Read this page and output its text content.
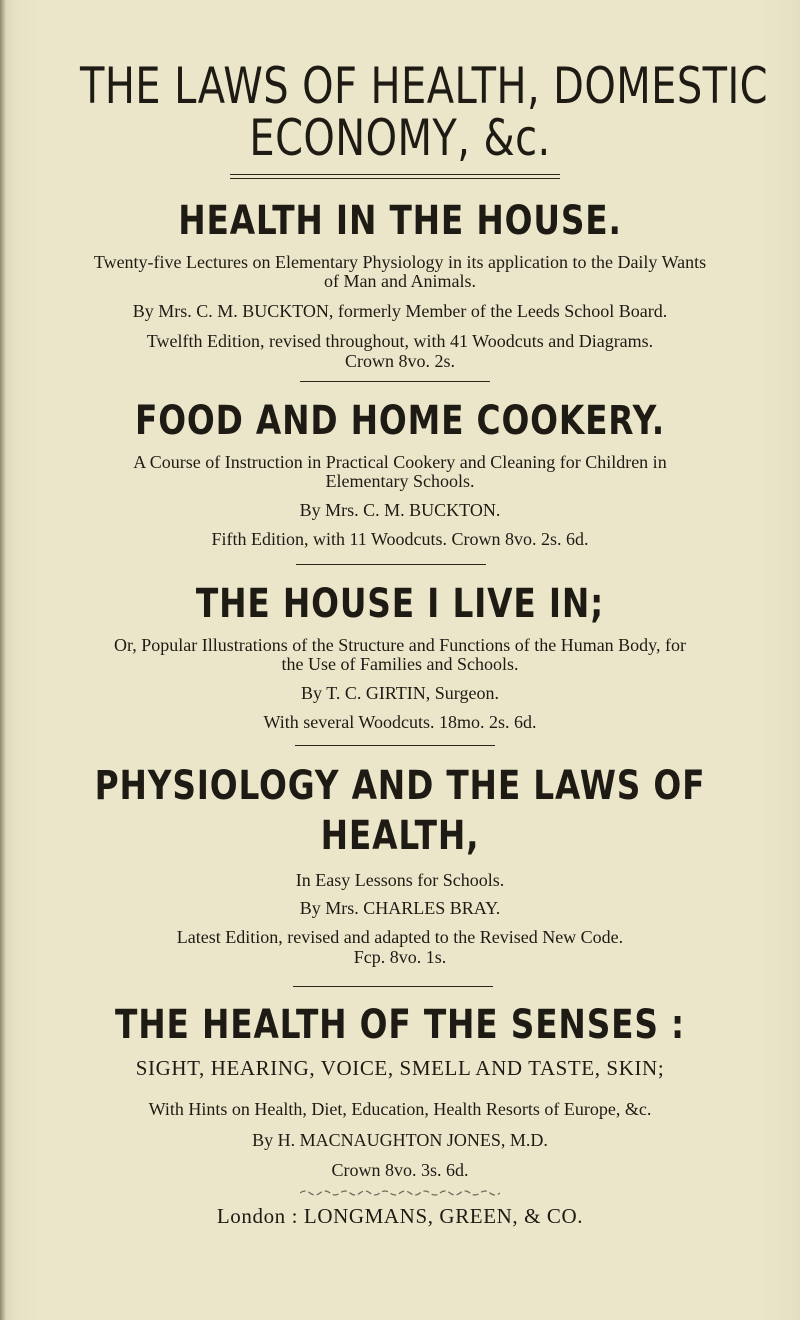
THE LAWS OF HEALTH, DOMESTIC
ECONOMY, &c.
HEALTH IN THE HOUSE.
Twenty-five Lectures on Elementary Physiology in its application to the Daily Wants
of Man and Animals.
By Mrs. C. M. BUCKTON, formerly Member of the Leeds School Board.
Twelfth Edition, revised throughout, with 41 Woodcuts and Diagrams.
Crown 8vo. 2s.
FOOD AND HOME COOKERY.
A Course of Instruction in Practical Cookery and Cleaning for Children in
Elementary Schools.
By Mrs. C. M. BUCKTON.
Fifth Edition, with 11 Woodcuts. Crown 8vo. 2s. 6d.
THE HOUSE I LIVE IN;
Or, Popular Illustrations of the Structure and Functions of the Human Body, for
the Use of Families and Schools.
By T. C. GIRTIN, Surgeon.
With several Woodcuts. 18mo. 2s. 6d.
PHYSIOLOGY AND THE LAWS OF
HEALTH,
In Easy Lessons for Schools.
By Mrs. CHARLES BRAY.
Latest Edition, revised and adapted to the Revised New Code.
Fcp. 8vo. 1s.
THE HEALTH OF THE SENSES :
SIGHT, HEARING, VOICE, SMELL AND TASTE, SKIN;
With Hints on Health, Diet, Education, Health Resorts of Europe, &c.
By H. MACNAUGHTON JONES, M.D.
Crown 8vo. 3s. 6d.
London : LONGMANS, GREEN, & CO.
